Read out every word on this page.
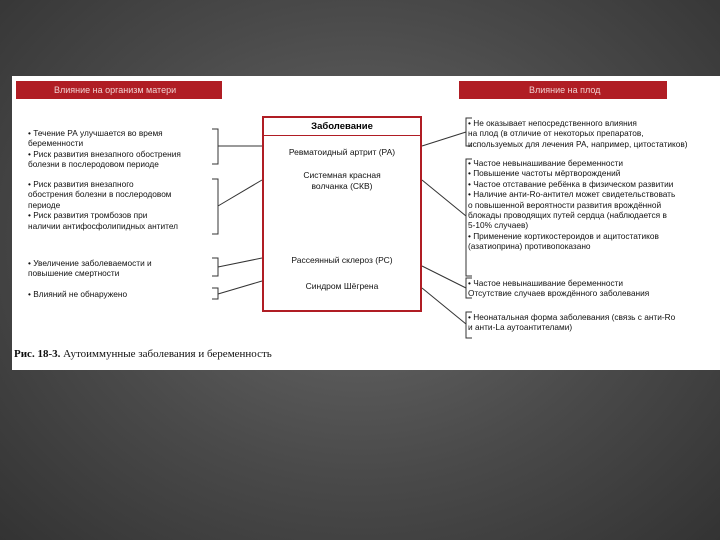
Влияние на организм матери	Влияние на плод
Заболевание
Ревматоидный артрит (РА)
Системная красная
волчанка (СКВ)
Рассеянный склероз (РС)
Синдром Шёгрена
• Течение РА улучшается во время
беременности
• Риск развития внезапного обострения
болезни в послеродовом периоде
• Риск развития внезапного
обострения болезни в послеродовом
периоде
• Риск развития тромбозов при
наличии антифосфолипидных антител
• Увеличение заболеваемости и
повышение смертности
• Влияний не обнаружено
• Не оказывает непосредственного влияния
на плод (в отличие от некоторых препаратов,
используемых для лечения РА, например, цитостатиков)
• Частое невынашивание беременности
• Повышение частоты мёртворождений
• Частое отставание ребёнка в физическом развитии
• Наличие анти-Ro-антител может свидетельствовать
о повышенной вероятности развития врождённой
блокады проводящих путей сердца (наблюдается в
5-10% случаев)
• Применение кортикостероидов и ацитостатиков
(азатиоприна) противопоказано
• Частое невынашивание беременности
Отсутствие случаев врождённого заболевания
• Неонатальная форма заболевания (связь с анти-Ro
и анти-La аутоантителами)
Рис. 18-3. Аутоиммунные заболевания и беременность
